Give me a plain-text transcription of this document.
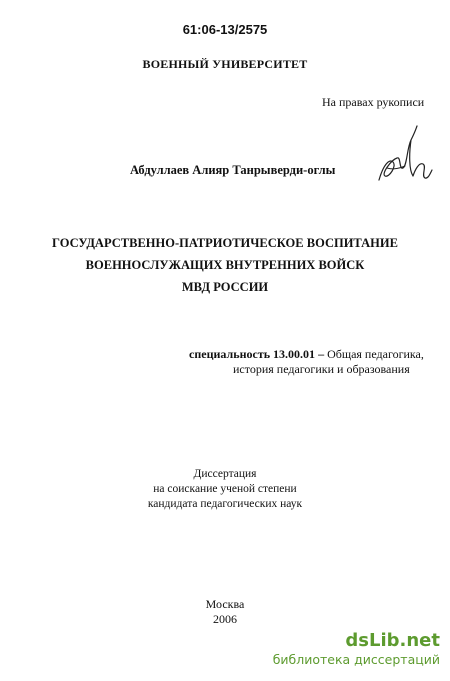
61:06-13/2575
ВОЕННЫЙ УНИВЕРСИТЕТ
На правах рукописи
Абдуллаев Алияр Танрыверди-оглы
ГОСУДАРСТВЕННО-ПАТРИОТИЧЕСКОЕ ВОСПИТАНИЕ
ВОЕННОСЛУЖАЩИХ ВНУТРЕННИХ ВОЙСК
МВД РОССИИ
специальность 13.00.01 – Общая педагогика,
история педагогики и образования
Диссертация
на соискание ученой степени
кандидата педагогических наук
Москва
2006
dsLib.net
библиотека диссертаций
